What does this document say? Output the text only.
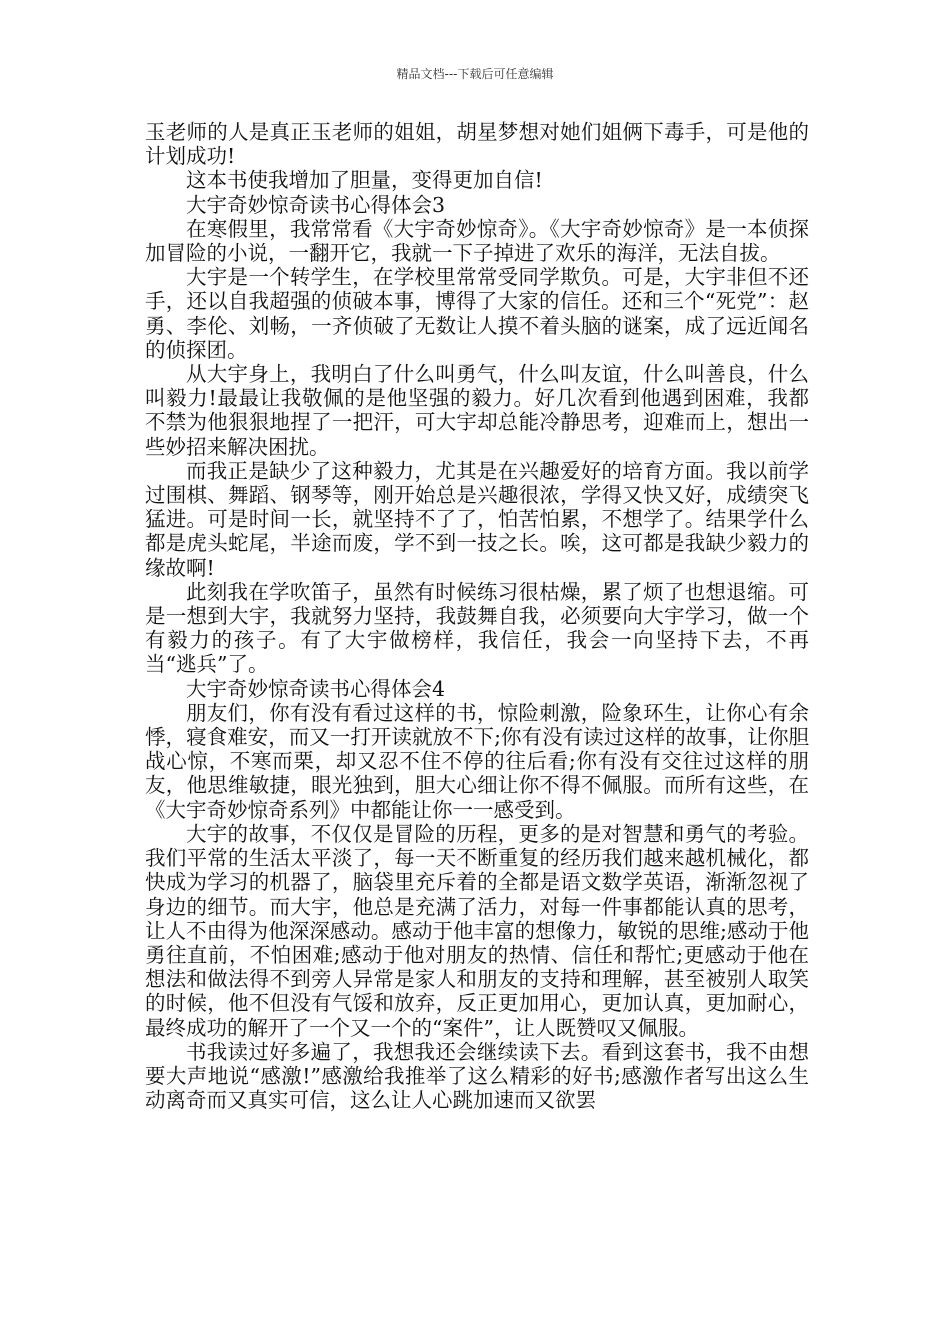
精品文档---下载后可任意编辑

玉老师的人是真正玉老师的姐姐，胡星梦想对她们姐俩下毒手，可是他的计划成功!

这本书使我增加了胆量，变得更加自信!

大宇奇妙惊奇读书心得体会3

在寒假里，我常常看《大宇奇妙惊奇》。《大宇奇妙惊奇》是一本侦探加冒险的小说，一翻开它，我就一下子掉进了欢乐的海洋，无法自拔。

大宇是一个转学生，在学校里常常受同学欺负。可是，大宇非但不还手，还以自我超强的侦破本事，博得了大家的信任。还和三个“死党”：赵勇、李伦、刘畅，一齐侦破了无数让人摸不着头脑的谜案，成了远近闻名的侦探团。

从大宇身上，我明白了什么叫勇气，什么叫友谊，什么叫善良，什么叫毅力!最最让我敬佩的是他坚强的毅力。好几次看到他遇到困难，我都不禁为他狠狠地捏了一把汗，可大宇却总能冷静思考，迎难而上，想出一些妙招来解决困扰。

而我正是缺少了这种毅力，尤其是在兴趣爱好的培育方面。我以前学过围棋、舞蹈、钢琴等，刚开始总是兴趣很浓，学得又快又好，成绩突飞猛进。可是时间一长，就坚持不了了，怕苦怕累，不想学了。结果学什么都是虎头蛇尾，半途而废，学不到一技之长。唉，这可都是我缺少毅力的缘故啊!

此刻我在学吹笛子，虽然有时候练习很枯燥，累了烦了也想退缩。可是一想到大宇，我就努力坚持，我鼓舞自我，必须要向大宇学习，做一个有毅力的孩子。有了大宇做榜样，我信任，我会一向坚持下去，不再当“逃兵”了。

大宇奇妙惊奇读书心得体会4

朋友们，你有没有看过这样的书，惊险刺激，险象环生，让你心有余悸，寝食难安，而又一打开读就放不下;你有没有读过这样的故事，让你胆战心惊，不寒而栗，却又忍不住不停的往后看;你有没有交往过这样的朋友，他思维敏捷，眼光独到，胆大心细让你不得不佩服。而所有这些，在《大宇奇妙惊奇系列》中都能让你一一感受到。

大宇的故事，不仅仅是冒险的历程，更多的是对智慧和勇气的考验。我们平常的生活太平淡了，每一天不断重复的经历我们越来越机械化，都快成为学习的机器了，脑袋里充斥着的全都是语文数学英语，渐渐忽视了身边的细节。而大宇，他总是充满了活力，对每一件事都能认真的思考，让人不由得为他深深感动。感动于他丰富的想像力，敏锐的思维;感动于他勇往直前，不怕困难;感动于他对朋友的热情、信任和帮忙;更感动于他在想法和做法得不到旁人异常是家人和朋友的支持和理解，甚至被别人取笑的时候，他不但没有气馁和放弃，反正更加用心，更加认真，更加耐心，最终成功的解开了一个又一个的“案件”，让人既赞叹又佩服。

书我读过好多遍了，我想我还会继续读下去。看到这套书，我不由想要大声地说“感激!”感激给我推举了这么精彩的好书;感激作者写出这么生动离奇而又真实可信，这么让人心跳加速而又欲罢
